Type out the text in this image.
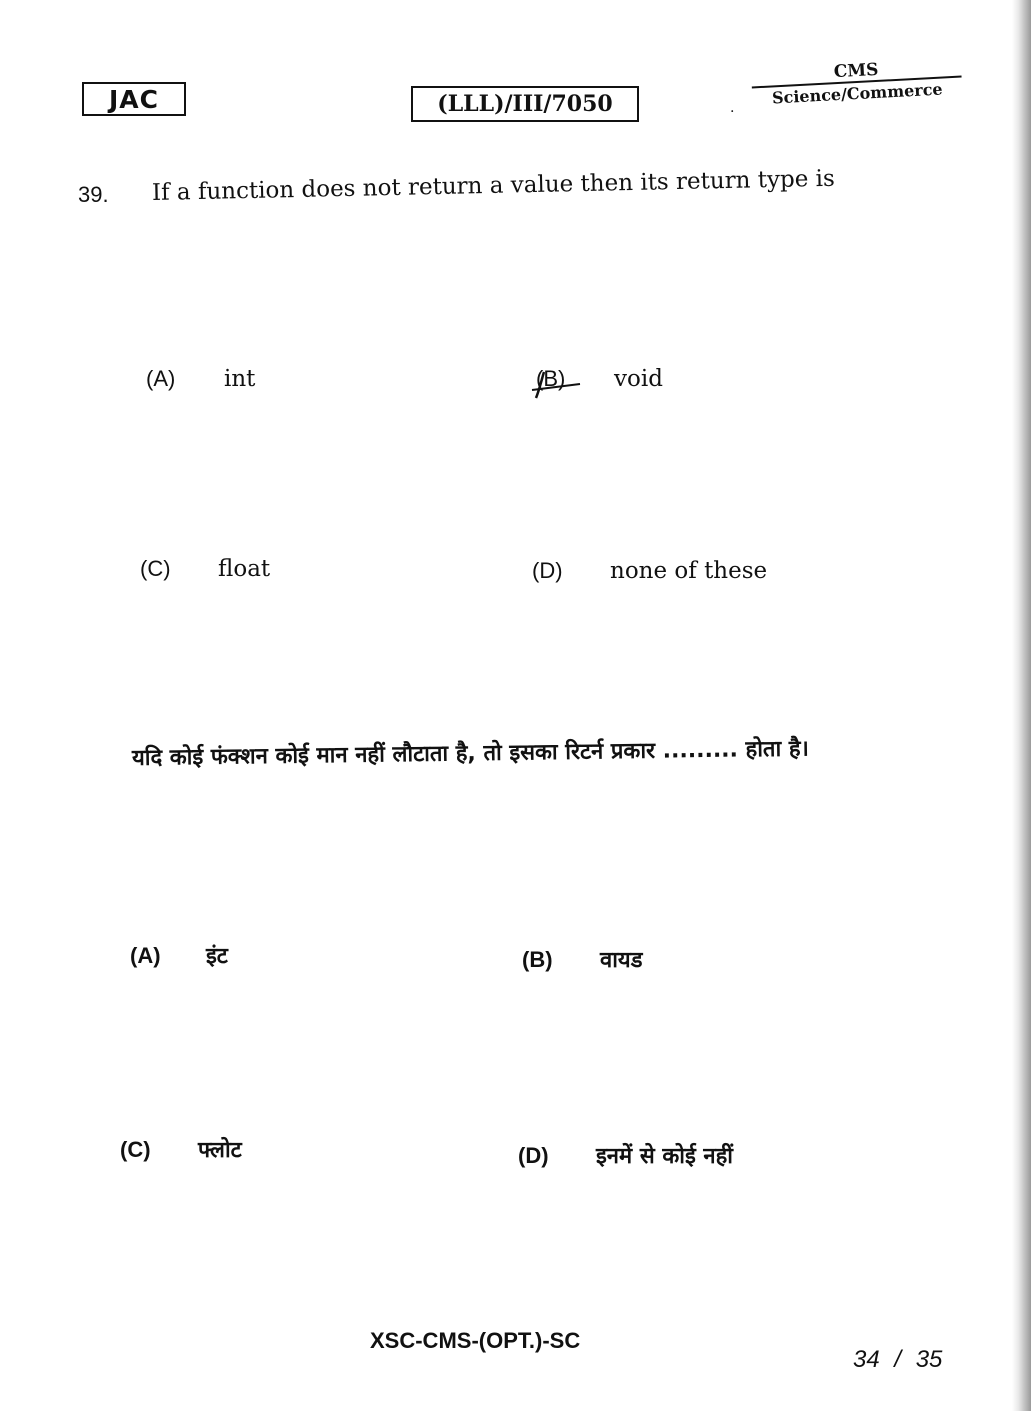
JAC	(LLL)/III/7050	.
CMS
Science/Commerce
39. If a function does not return a value then its return type is
(A) int	(B) void
(C) float	(D) none of these
यदि कोई फंक्शन कोई मान नहीं लौटाता है, तो इसका रिटर्न प्रकार ......... होता है।
(A) इंट	(B) वायड
(C) फ्लोट	(D) इनमें से कोई नहीं
XSC-CMS-(OPT.)-SC
34 / 35
